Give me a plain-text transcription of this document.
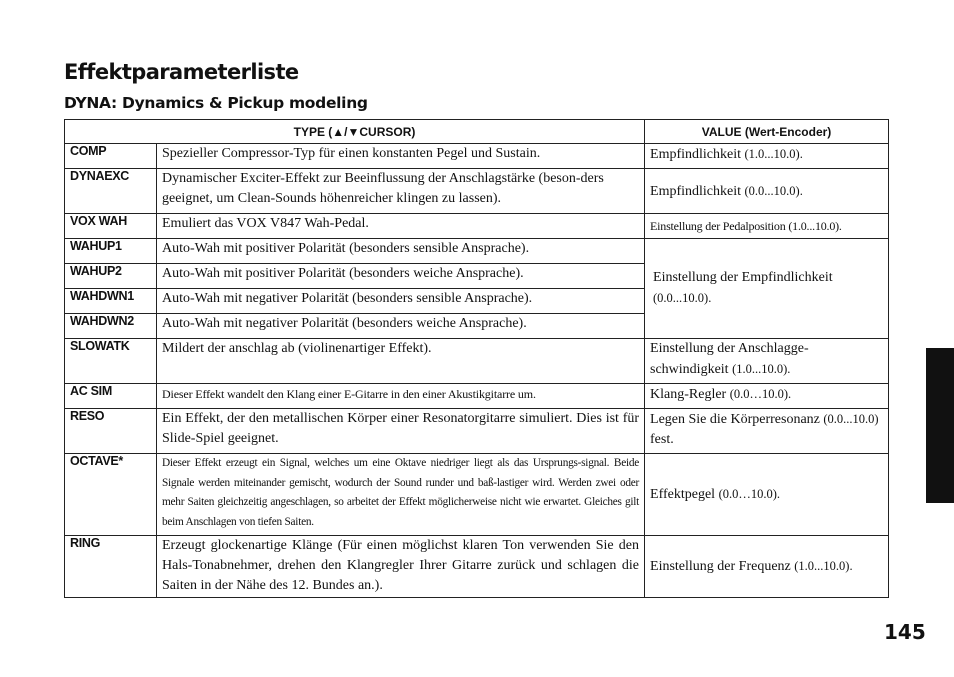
Effektparameterliste
DYNA: Dynamics & Pickup modeling
TYPE (▲/▼CURSOR)		VALUE (Wert-Encoder)
COMP	Spezieller Compressor-Typ für einen konstanten Pegel und Sustain.	Empfindlichkeit (1.0...10.0).
DYNAEXC	Dynamischer Exciter-Effekt zur Beeinflussung der Anschlagstärke (beson-ders geeignet, um Clean-Sounds höhenreicher klingen zu lassen).	Empfindlichkeit (0.0...10.0).
VOX WAH	Emuliert das VOX V847 Wah-Pedal.	Einstellung der Pedalposition (1.0...10.0).
WAHUP1	Auto-Wah mit positiver Polarität (besonders sensible Ansprache).	Einstellung der Empfindlichkeit (0.0...10.0).
WAHUP2	Auto-Wah mit positiver Polarität (besonders weiche Ansprache).	
WAHDWN1	Auto-Wah mit negativer Polarität (besonders sensible Ansprache).	
WAHDWN2	Auto-Wah mit negativer Polarität (besonders weiche Ansprache).	
SLOWATK	Mildert der anschlag ab (violinenartiger Effekt).	Einstellung der Anschlagge-schwindigkeit (1.0...10.0).
AC SIM	Dieser Effekt wandelt den Klang einer E-Gitarre in den einer Akustikgitarre um.	Klang-Regler (0.0…10.0).
RESO	Ein Effekt, der den metallischen Körper einer Resonatorgitarre simuliert. Dies ist für Slide-Spiel geeignet.	Legen Sie die Körperresonanz (0.0...10.0) fest.
OCTAVE*	Dieser Effekt erzeugt ein Signal, welches um eine Oktave niedriger liegt als das Ursprungs-signal. Beide Signale werden miteinander gemischt, wodurch der Sound runder und baß-lastiger wird. Werden zwei oder mehr Saiten gleichzeitig angeschlagen, so arbeitet der Effekt möglicherweise nicht wie erwartet. Gleiches gilt beim Anschlagen von tiefen Saiten.	Effektpegel (0.0…10.0).
RING	Erzeugt glockenartige Klänge (Für einen möglichst klaren Ton verwenden Sie den Hals-Tonabnehmer, drehen den Klangregler Ihrer Gitarre zurück und schlagen die Saiten in der Nähe des 12. Bundes an.).	Einstellung der Frequenz (1.0...10.0).
145
